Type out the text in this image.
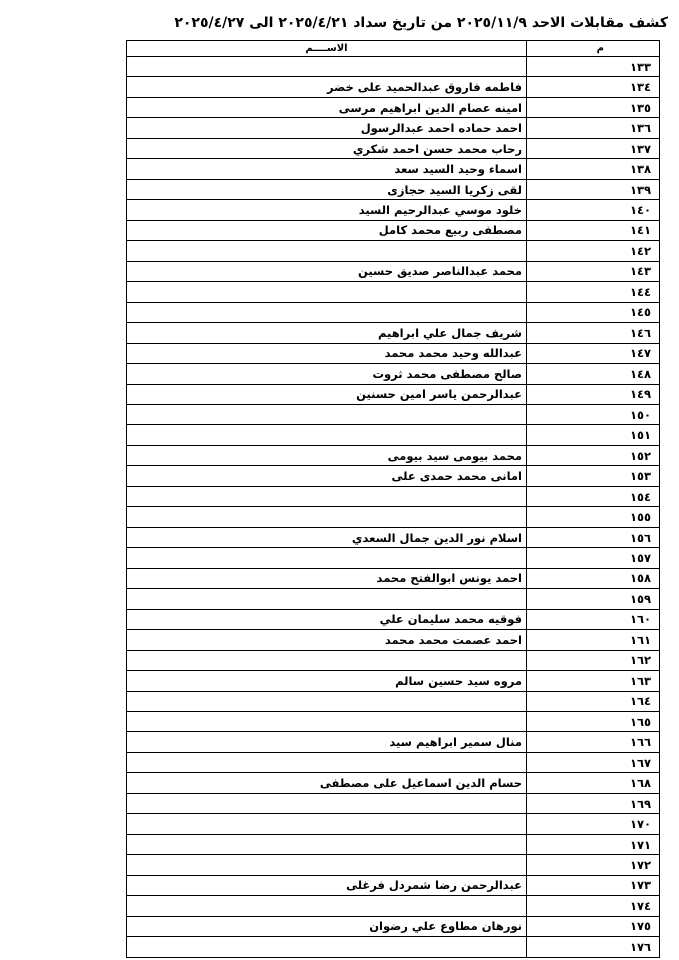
كشف مقابلات الاحد ٢٠٢٥/١١/٩ من تاريخ سداد ٢٠٢٥/٤/٢١ الى ٢٠٢٥/٤/٢٧
م	الاســــم
١٣٣	
١٣٤	فاطمه فاروق عبدالحميد على خضر
١٣٥	امينه عصام الدين ابراهيم مرسى
١٣٦	احمد حماده احمد عبدالرسول
١٣٧	رحاب محمد حسن احمد شكري
١٣٨	اسماء وحيد السيد سعد
١٣٩	لقى زكريا السيد حجازى
١٤٠	خلود موسي عبدالرحيم السيد
١٤١	مصطفى ربيع محمد كامل
١٤٢	
١٤٣	محمد عبدالناصر صديق حسين
١٤٤	
١٤٥	
١٤٦	شريف جمال علي ابراهيم
١٤٧	عبدالله وحيد محمد محمد
١٤٨	صالح مصطفى محمد ثروت
١٤٩	عبدالرحمن ياسر امين حسنين
١٥٠	
١٥١	
١٥٢	محمد بيومى سيد بيومى
١٥٣	امانى محمد حمدى على
١٥٤	
١٥٥	
١٥٦	اسلام نور الدين جمال السعدي
١٥٧	
١٥٨	احمد يونس ابوالفتح محمد
١٥٩	
١٦٠	فوقيه محمد سليمان علي
١٦١	احمد عصمت محمد محمد
١٦٢	
١٦٣	مروه سيد حسين سالم
١٦٤	
١٦٥	
١٦٦	منال سمير ابراهيم سيد
١٦٧	
١٦٨	حسام الدين اسماعيل على مصطفى
١٦٩	
١٧٠	
١٧١	
١٧٢	
١٧٣	عبدالرحمن رضا شمردل فرغلى
١٧٤	
١٧٥	نورهان مطاوع علي رضوان
١٧٦	
